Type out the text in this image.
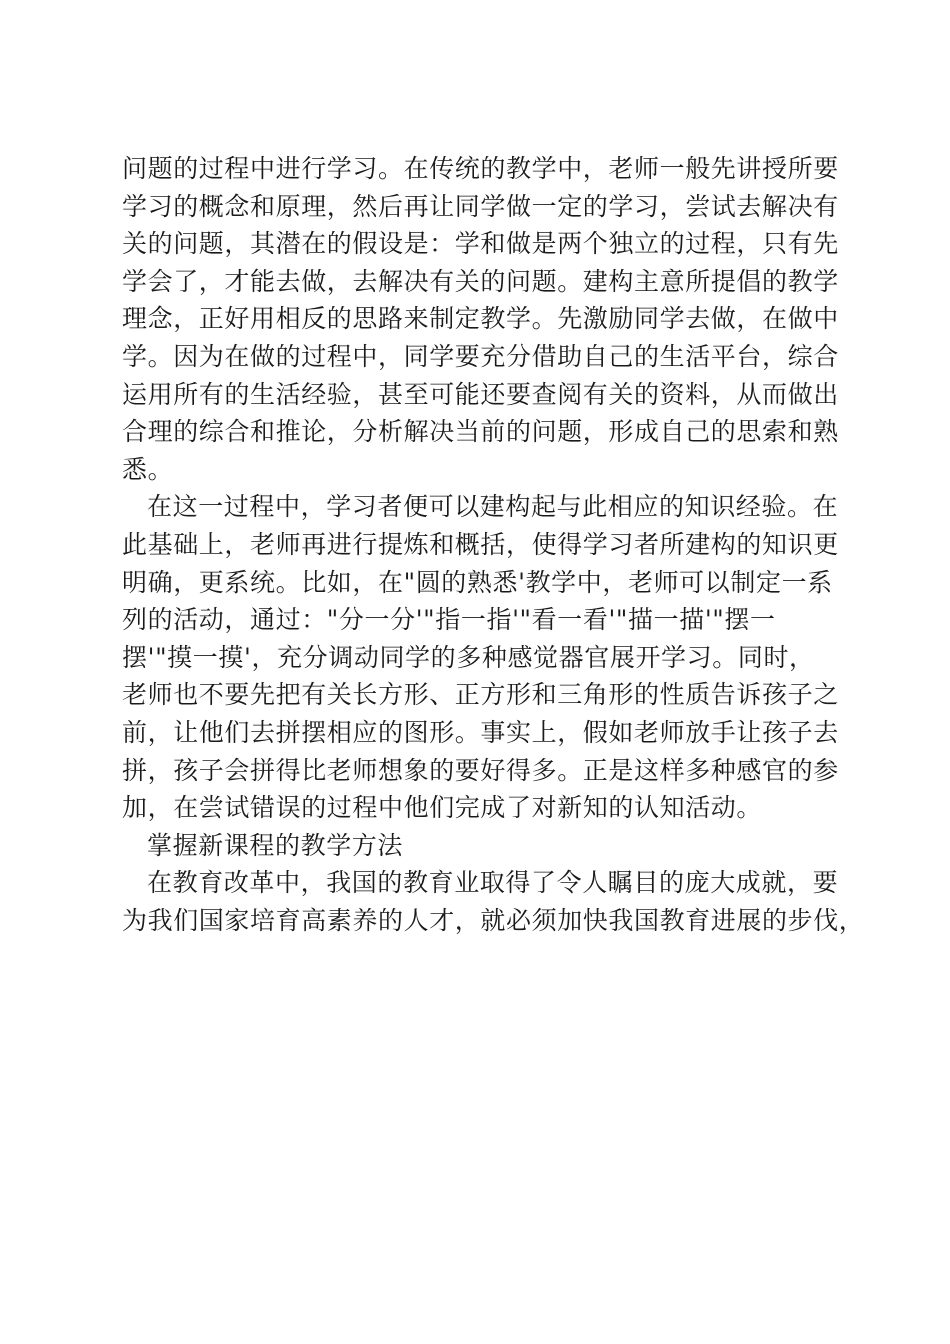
问题的过程中进行学习。在传统的教学中，老师一般先讲授所要
学习的概念和原理，然后再让同学做一定的学习，尝试去解决有
关的问题，其潜在的假设是：学和做是两个独立的过程，只有先
学会了，才能去做，去解决有关的问题。建构主意所提倡的教学
理念，正好用相反的思路来制定教学。先激励同学去做，在做中
学。因为在做的过程中，同学要充分借助自己的生活平台，综合
运用所有的生活经验，甚至可能还要查阅有关的资料，从而做出
合理的综合和推论，分析解决当前的问题，形成自己的思索和熟
悉。
在这一过程中，学习者便可以建构起与此相应的知识经验。在
此基础上，老师再进行提炼和概括，使得学习者所建构的知识更
明确，更系统。比如，在"圆的熟悉'教学中，老师可以制定一系
列的活动，通过："分一分'"指一指'"看一看'"描一描'"摆一
摆'"摸一摸'，充分调动同学的多种感觉器官展开学习。同时，
老师也不要先把有关长方形、正方形和三角形的性质告诉孩子之
前，让他们去拼摆相应的图形。事实上，假如老师放手让孩子去
拼，孩子会拼得比老师想象的要好得多。正是这样多种感官的参
加，在尝试错误的过程中他们完成了对新知的认知活动。
掌握新课程的教学方法
在教育改革中，我国的教育业取得了令人瞩目的庞大成就，要
为我们国家培育高素养的人才，就必须加快我国教育进展的步伐，
